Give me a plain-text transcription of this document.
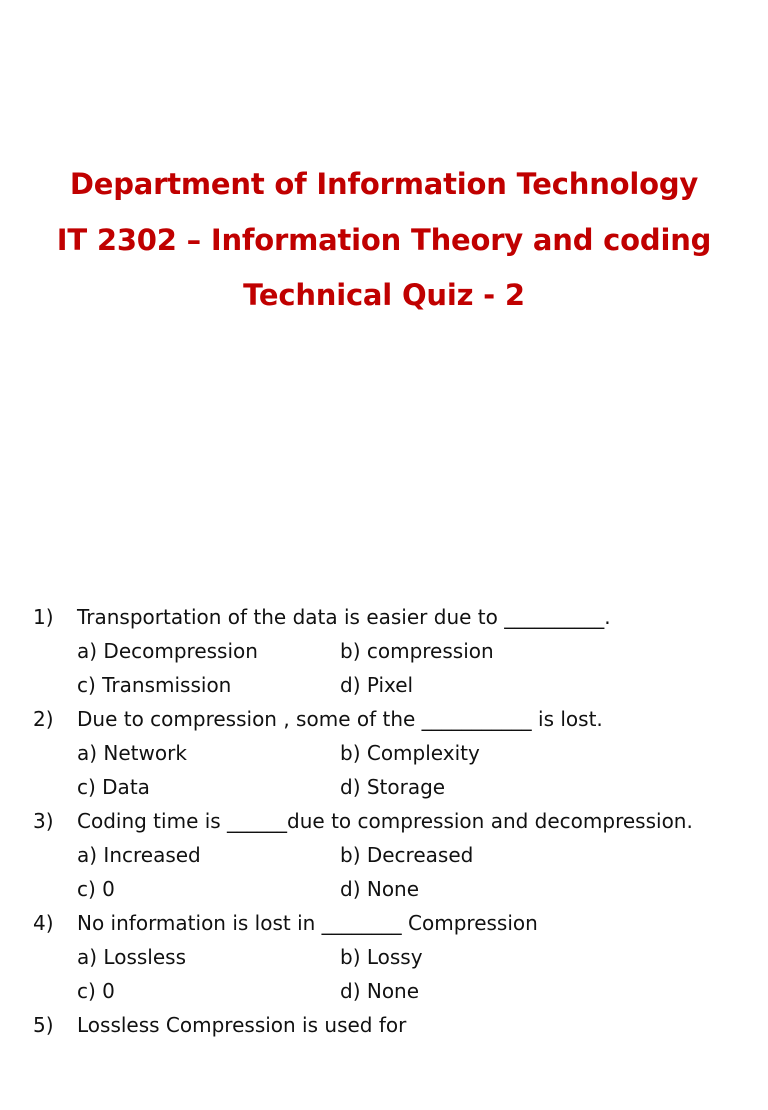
Department of Information Technology
IT 2302 – Information Theory and coding
Technical Quiz - 2
1) Transportation of the data is easier due to __________.
a) Decompression	b) compression
c) Transmission	d) Pixel
2) Due to compression , some of the ___________ is lost.
a) Network	b) Complexity
c) Data	d) Storage
3) Coding time is ______due to compression and decompression.
a) Increased	b) Decreased
c) 0	d) None
4) No information is lost in ________ Compression
a) Lossless	b) Lossy
c) 0	d) None
5) Lossless Compression is used for
